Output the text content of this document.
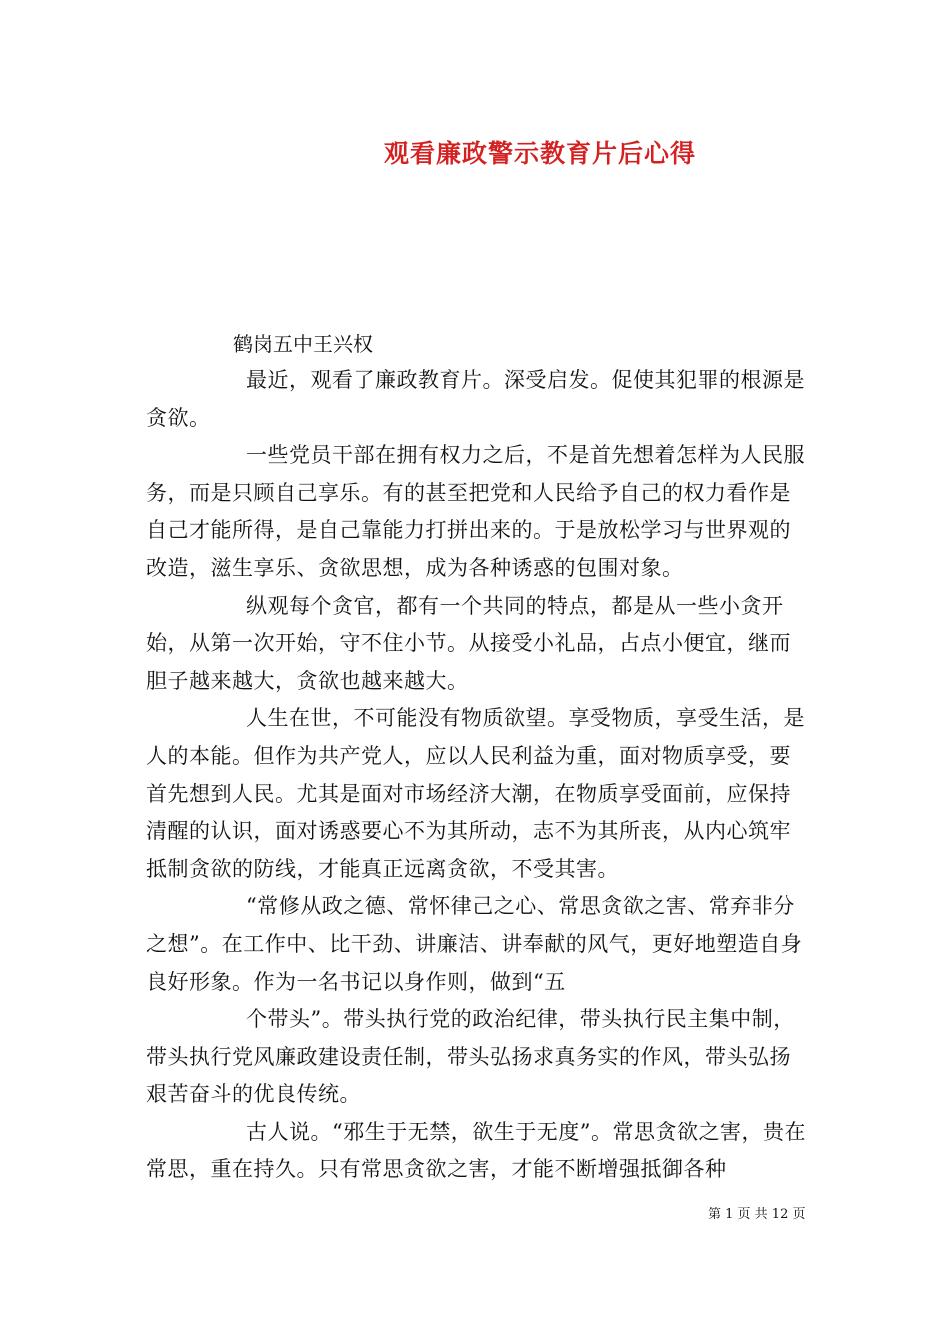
观看廉政警示教育片后心得
鹤岗五中王兴权

最近，观看了廉政教育片。深受启发。促使其犯罪的根源是贪欲。

一些党员干部在拥有权力之后，不是首先想着怎样为人民服务，而是只顾自己享乐。有的甚至把党和人民给予自己的权力看作是自己才能所得，是自己靠能力打拼出来的。于是放松学习与世界观的改造，滋生享乐、贪欲思想，成为各种诱惑的包围对象。

纵观每个贪官，都有一个共同的特点，都是从一些小贪开始，从第一次开始，守不住小节。从接受小礼品，占点小便宜，继而胆子越来越大，贪欲也越来越大。

人生在世，不可能没有物质欲望。享受物质，享受生活，是人的本能。但作为共产党人，应以人民利益为重，面对物质享受，要首先想到人民。尤其是面对市场经济大潮，在物质享受面前，应保持清醒的认识，面对诱惑要心不为其所动，志不为其所丧，从内心筑牢抵制贪欲的防线，才能真正远离贪欲，不受其害。

“常修从政之德、常怀律己之心、常思贪欲之害、常弃非分之想”。在工作中、比干劲、讲廉洁、讲奉献的风气，更好地塑造自身良好形象。作为一名书记以身作则，做到“五

个带头”。带头执行党的政治纪律，带头执行民主集中制，带头执行党风廉政建设责任制，带头弘扬求真务实的作风，带头弘扬艰苦奋斗的优良传统。

古人说。“邪生于无禁，欲生于无度”。常思贪欲之害，贵在常思，重在持久。只有常思贪欲之害，才能不断增强抵御各种

第 1 页 共 12 页
